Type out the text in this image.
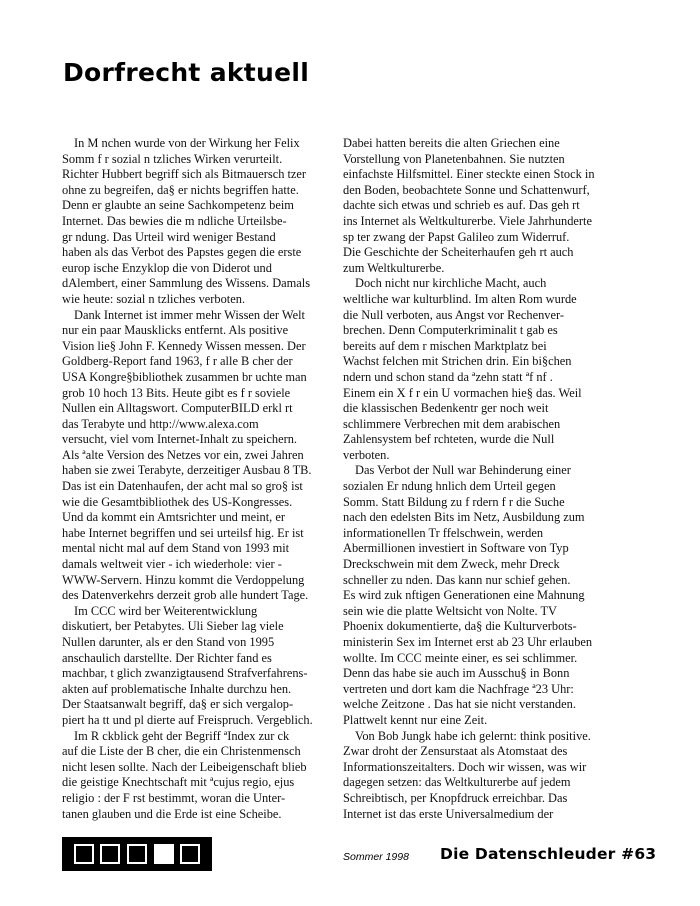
Dorfrecht aktuell
In M nchen wurde von der Wirkung her Felix
Somm f r sozial n tzliches Wirken verurteilt.
Richter Hubbert begriff sich als Bitmauersch tzer
ohne zu begreifen, da§ er nichts begriffen hatte.
Denn er glaubte an seine Sachkompetenz beim
Internet. Das bewies die m ndliche Urteilsbe-
gr ndung. Das Urteil wird weniger Bestand
haben als das Verbot des Papstes gegen die erste
europ ische Enzyklop die von Diderot und
dAlembert, einer Sammlung des Wissens. Damals
wie heute: sozial n tzliches verboten.
Dank Internet ist immer mehr Wissen der Welt
nur ein paar Mausklicks entfernt. Als positive
Vision lie§ John F. Kennedy Wissen messen. Der
Goldberg-Report fand 1963, f r alle B cher der
USA Kongre§bibliothek zusammen br uchte man
grob 10 hoch 13 Bits. Heute gibt es f r soviele
Nullen ein Alltagswort. ComputerBILD erkl rt
das Terabyte und http://www.alexa.com
versucht, viel vom Internet-Inhalt zu speichern.
Als ªalte Version des Netzes vor ein, zwei Jahren
haben sie zwei Terabyte, derzeitiger Ausbau 8 TB.
Das ist ein Datenhaufen, der acht mal so gro§ ist
wie die Gesamtbibliothek des US-Kongresses.
Und da kommt ein Amtsrichter und meint, er
habe Internet begriffen und sei urteilsf hig. Er ist
mental nicht mal auf dem Stand von 1993 mit
damals weltweit vier - ich wiederhole: vier -
WWW-Servern. Hinzu kommt die Verdoppelung
des Datenverkehrs derzeit grob alle hundert Tage.
Im CCC wird ber Weiterentwicklung
diskutiert, ber Petabytes. Uli Sieber lag viele
Nullen darunter, als er den Stand von 1995
anschaulich darstellte. Der Richter fand es
machbar, t glich zwanzigtausend Strafverfahrens-
akten auf problematische Inhalte durchzu hen.
Der Staatsanwalt begriff, da§ er sich vergalop-
piert ha tt und pl dierte auf Freispruch. Vergeblich.
Im R ckblick geht der Begriff ªIndex zur ck
auf die Liste der B cher, die ein Christenmensch
nicht lesen sollte. Nach der Leibeigenschaft blieb
die geistige Knechtschaft mit ªcujus regio, ejus
religio : der F rst bestimmt, woran die Unter-
tanen glauben und die Erde ist eine Scheibe.
Dabei hatten bereits die alten Griechen eine
Vorstellung von Planetenbahnen. Sie nutzten
einfachste Hilfsmittel. Einer steckte einen Stock in
den Boden, beobachtete Sonne und Schattenwurf,
dachte sich etwas und schrieb es auf. Das geh rt
ins Internet als Weltkulturerbe. Viele Jahrhunderte
sp ter zwang der Papst Galileo zum Widerruf.
Die Geschichte der Scheiterhaufen geh rt auch
zum Weltkulturerbe.
Doch nicht nur kirchliche Macht, auch
weltliche war kulturblind. Im alten Rom wurde
die Null verboten, aus Angst vor Rechenver-
brechen. Denn Computerkriminalit t gab es
bereits auf dem r mischen Marktplatz bei
Wachst felchen mit Strichen drin. Ein bi§chen
ndern und schon stand da ªzehn statt ªf nf .
Einem ein X f r ein U vormachen hie§ das. Weil
die klassischen Bedenkentr ger noch weit
schlimmere Verbrechen mit dem arabischen
Zahlensystem bef rchteten, wurde die Null
verboten.
Das Verbot der Null war Behinderung einer
sozialen Er ndung hnlich dem Urteil gegen
Somm. Statt Bildung zu f rdern f r die Suche
nach den edelsten Bits im Netz, Ausbildung zum
informationellen Tr ffelschwein, werden
Abermillionen investiert in Software von Typ
Dreckschwein mit dem Zweck, mehr Dreck
schneller zu nden. Das kann nur schief gehen.
Es wird zuk nftigen Generationen eine Mahnung
sein wie die platte Weltsicht von Nolte. TV
Phoenix dokumentierte, da§ die Kulturverbots-
ministerin Sex im Internet erst ab 23 Uhr erlauben
wollte. Im CCC meinte einer, es sei schlimmer.
Denn das habe sie auch im Ausschu§ in Bonn
vertreten und dort kam die Nachfrage ª23 Uhr:
welche Zeitzone . Das hat sie nicht verstanden.
Plattwelt kennt nur eine Zeit.
Von Bob Jungk habe ich gelernt: think positive.
Zwar droht der Zensurstaat als Atomstaat des
Informationszeitalters. Doch wir wissen, was wir
dagegen setzen: das Weltkulturerbe auf jedem
Schreibtisch, per Knopfdruck erreichbar. Das
Internet ist das erste Universalmedium der
Sommer 1998 Die Datenschleuder #63
